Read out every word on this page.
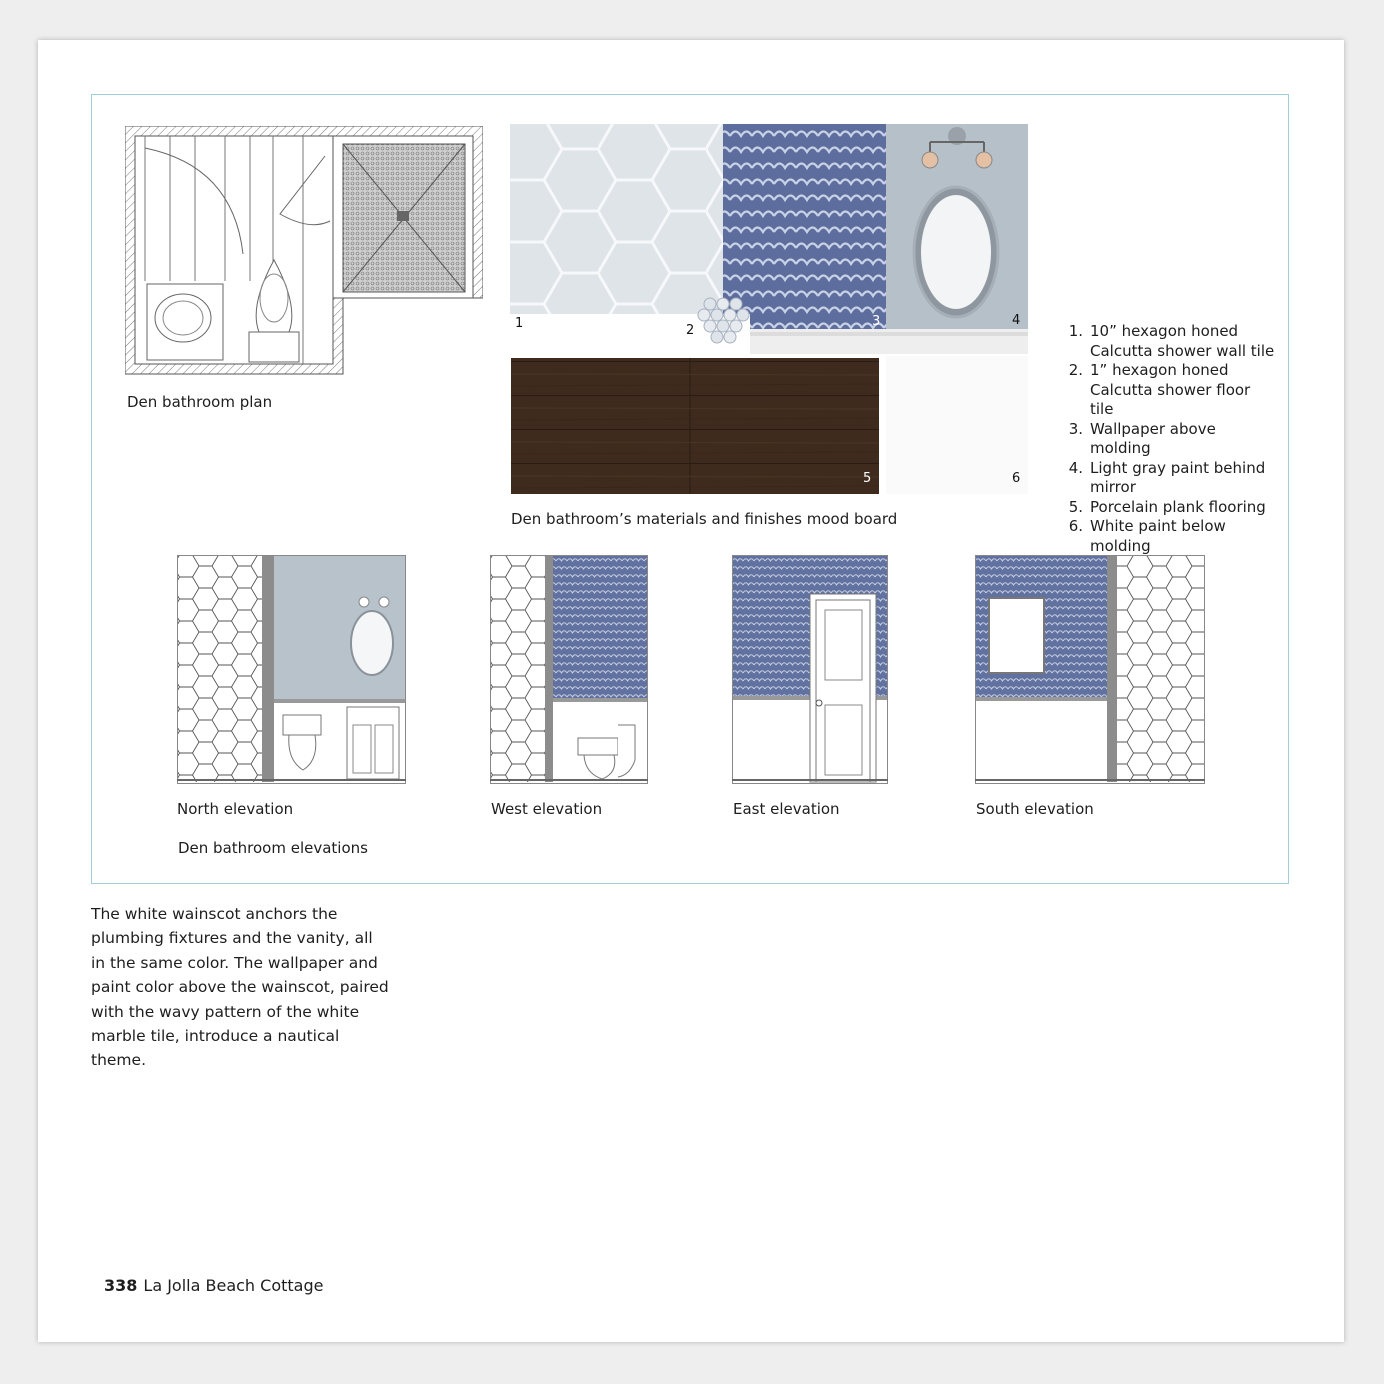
Den bathroom plan
1	2
3	4
5	6
Den bathroom’s materials and finishes mood board
1. 10” hexagon honed Calcutta shower wall tile
2. 1” hexagon honed Calcutta shower floor tile
3. Wallpaper above molding
4. Light gray paint behind mirror
5. Porcelain plank flooring
6. White paint below molding
North elevation	West elevation	East elevation	South elevation
Den bathroom elevations
The white wainscot anchors the plumbing fixtures and the vanity, all in the same color. The wallpaper and paint color above the wainscot, paired with the wavy pattern of the white marble tile, introduce a nautical theme.
338 La Jolla Beach Cottage
